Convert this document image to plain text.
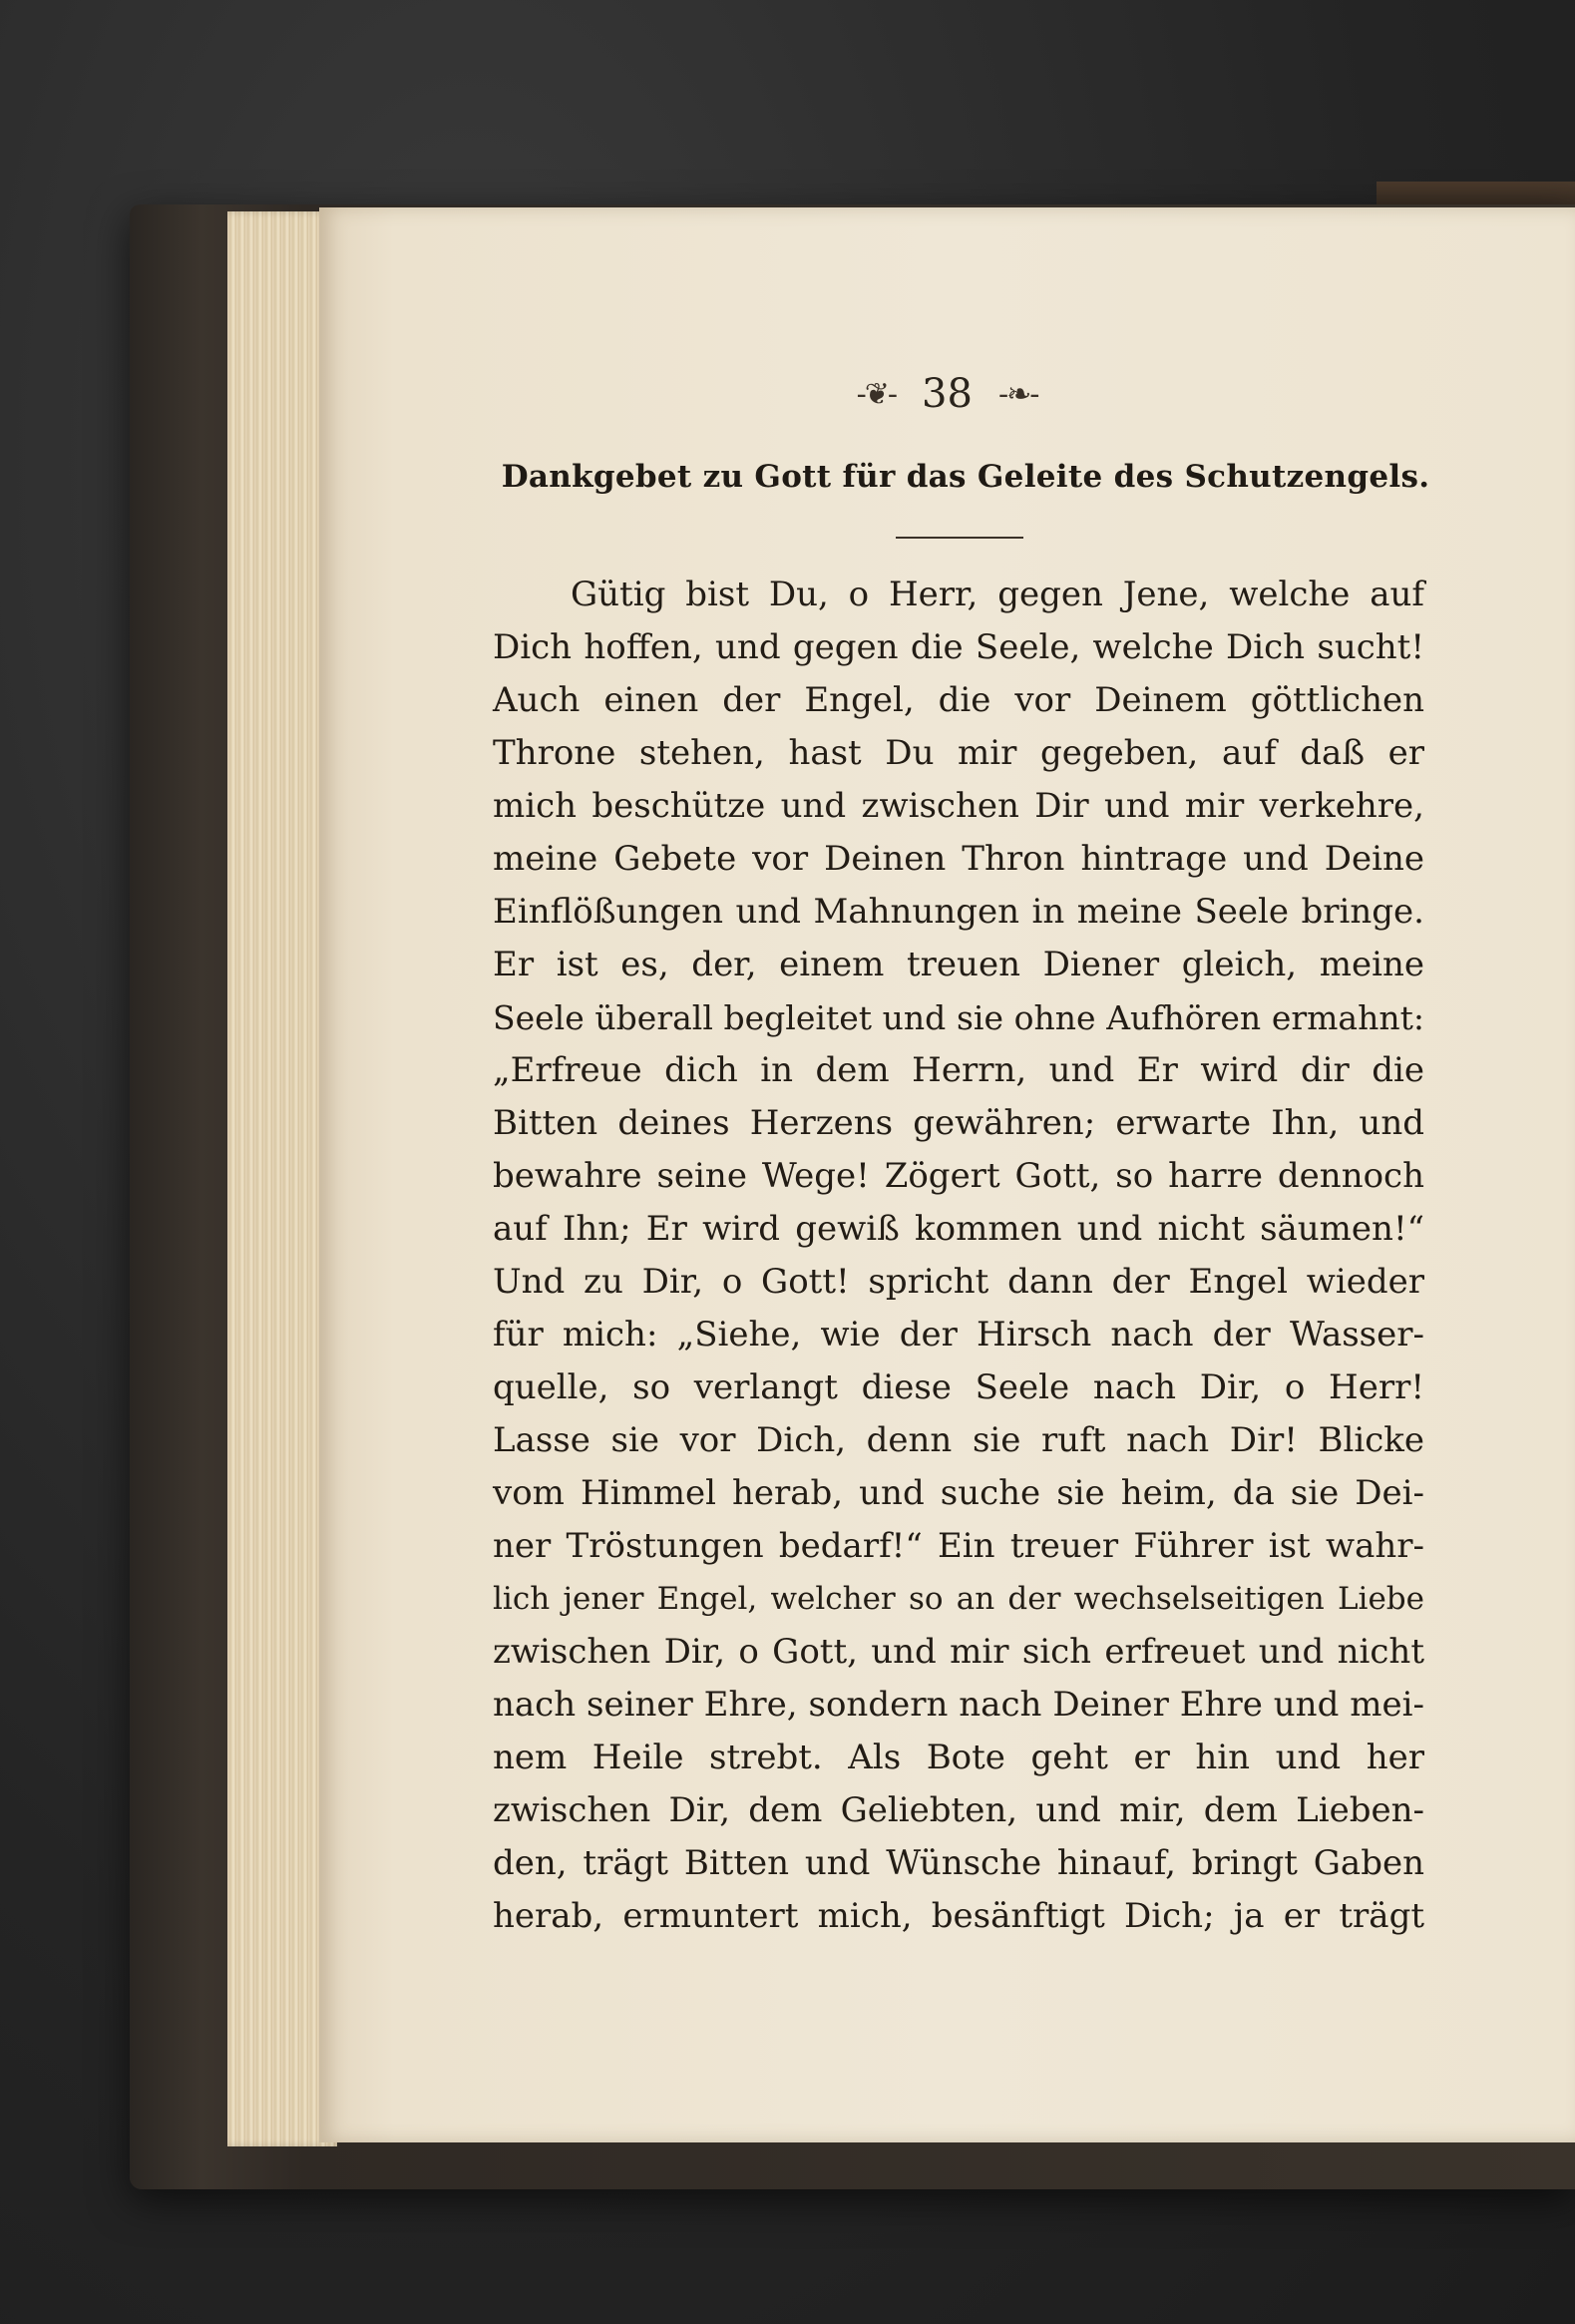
-❦- 38 -❧-
Dankgebet zu Gott für das Geleite des Schutzengels.
Gütig bist Du, o Herr, gegen Jene, welche auf
Dich hoffen, und gegen die Seele, welche Dich sucht!
Auch einen der Engel, die vor Deinem göttlichen
Throne stehen, hast Du mir gegeben, auf daß er
mich beschütze und zwischen Dir und mir verkehre,
meine Gebete vor Deinen Thron hintrage und Deine
Einflößungen und Mahnungen in meine Seele bringe.
Er ist es, der, einem treuen Diener gleich, meine
Seele überall begleitet und sie ohne Aufhören ermahnt:
„Erfreue dich in dem Herrn, und Er wird dir die
Bitten deines Herzens gewähren; erwarte Ihn, und
bewahre seine Wege! Zögert Gott, so harre dennoch
auf Ihn; Er wird gewiß kommen und nicht säumen!“
Und zu Dir, o Gott! spricht dann der Engel wieder
für mich: „Siehe, wie der Hirsch nach der Wasser-
quelle, so verlangt diese Seele nach Dir, o Herr!
Lasse sie vor Dich, denn sie ruft nach Dir! Blicke
vom Himmel herab, und suche sie heim, da sie Dei-
ner Tröstungen bedarf!“ Ein treuer Führer ist wahr-
lich jener Engel, welcher so an der wechselseitigen Liebe
zwischen Dir, o Gott, und mir sich erfreuet und nicht
nach seiner Ehre, sondern nach Deiner Ehre und mei-
nem Heile strebt. Als Bote geht er hin und her
zwischen Dir, dem Geliebten, und mir, dem Lieben-
den, trägt Bitten und Wünsche hinauf, bringt Gaben
herab, ermuntert mich, besänftigt Dich; ja er trägt
